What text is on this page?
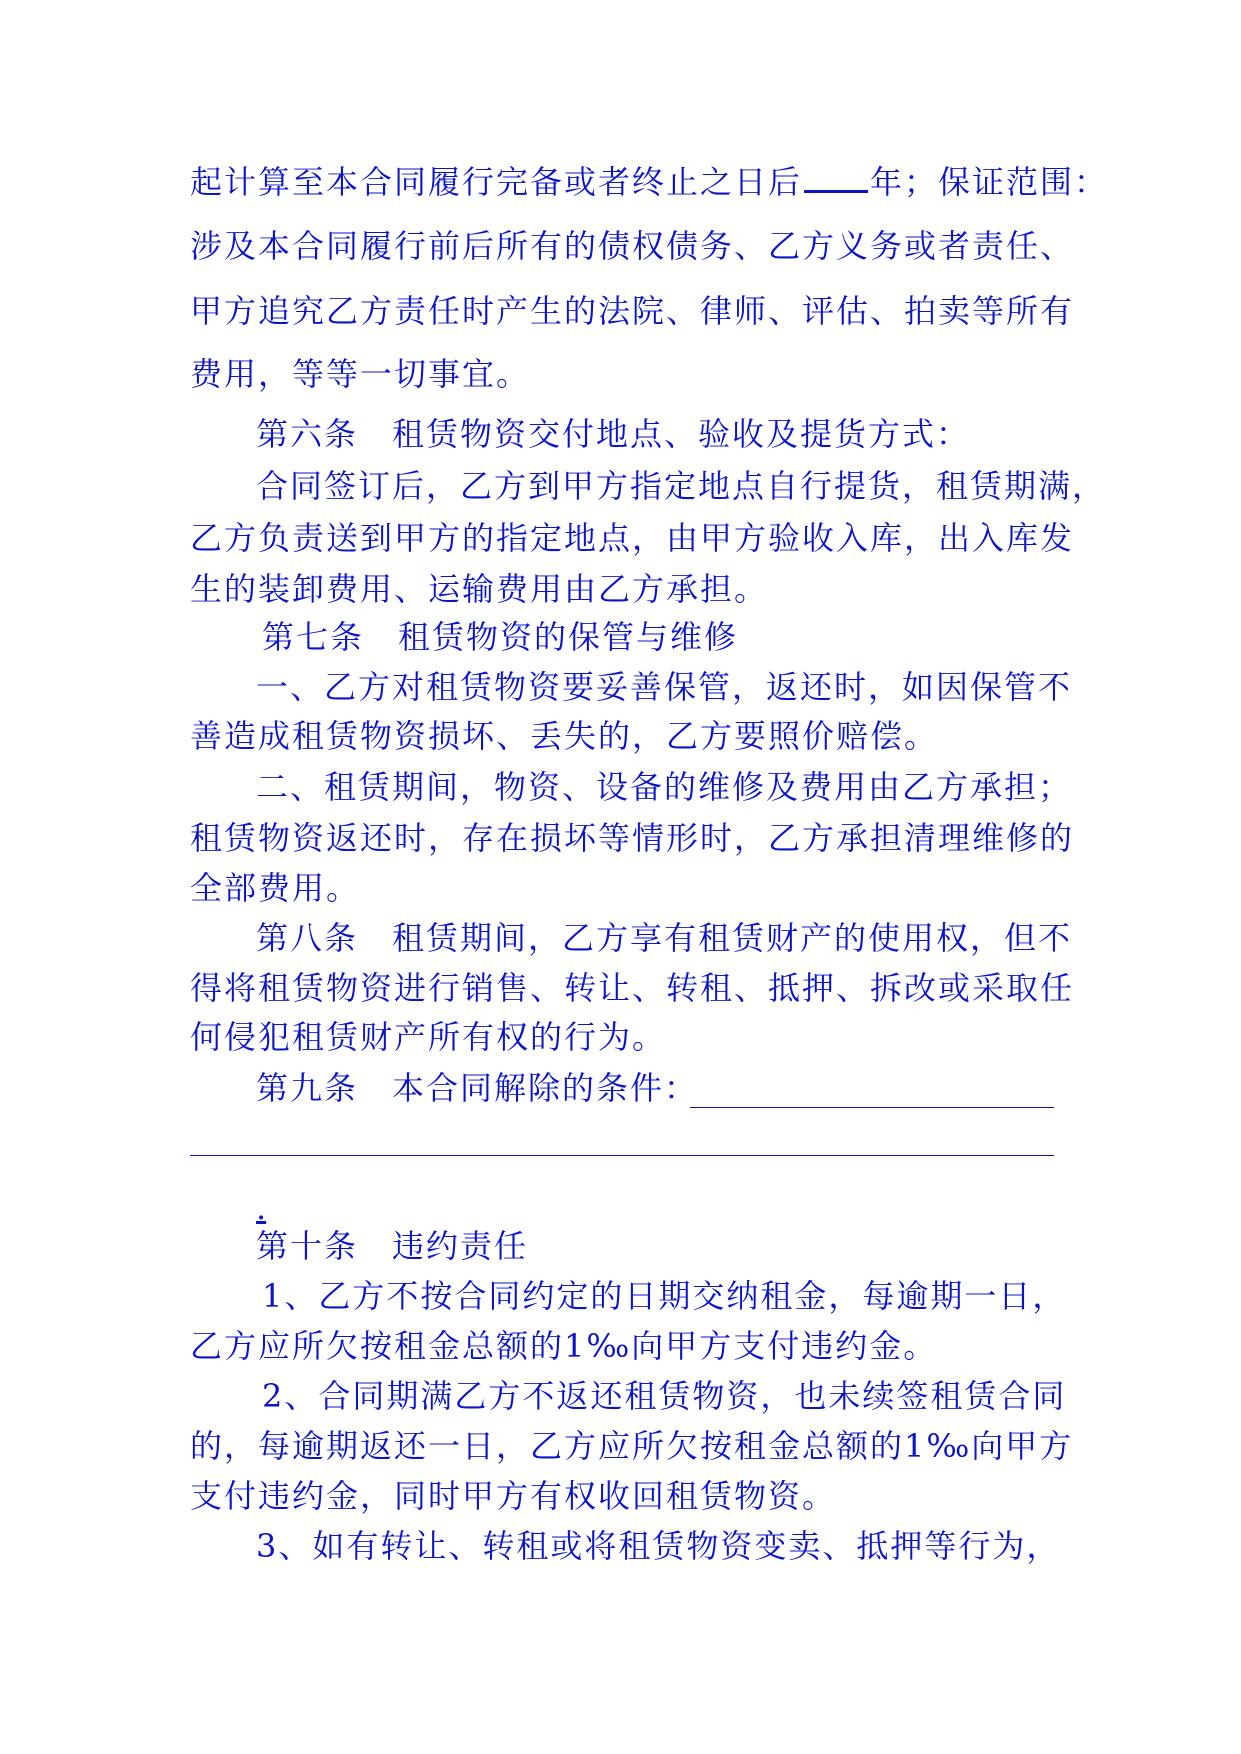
起计算至本合同履行完备或者终止之日后 年；保证范围：
涉及本合同履行前后所有的债权债务、乙方义务或者责任、
甲方追究乙方责任时产生的法院、律师、评估、拍卖等所有
费用，等等一切事宜。
第六条　租赁物资交付地点、验收及提货方式：
合同签订后，乙方到甲方指定地点自行提货，租赁期满，
乙方负责送到甲方的指定地点，由甲方验收入库，出入库发
生的装卸费用、运输费用由乙方承担。
第七条　租赁物资的保管与维修
一、乙方对租赁物资要妥善保管，返还时，如因保管不
善造成租赁物资损坏、丢失的，乙方要照价赔偿。
二、租赁期间，物资、设备的维修及费用由乙方承担；
租赁物资返还时，存在损坏等情形时，乙方承担清理维修的
全部费用。
第八条　租赁期间，乙方享有租赁财产的使用权，但不
得将租赁物资进行销售、转让、转租、抵押、拆改或采取任
何侵犯租赁财产所有权的行为。
第九条　本合同解除的条件：
.
第十条　违约责任
1、乙方不按合同约定的日期交纳租金，每逾期一日，
乙方应所欠按租金总额的1‰向甲方支付违约金。
2、合同期满乙方不返还租赁物资，也未续签租赁合同
的，每逾期返还一日，乙方应所欠按租金总额的1‰向甲方
支付违约金，同时甲方有权收回租赁物资。
3、如有转让、转租或将租赁物资变卖、抵押等行为，
